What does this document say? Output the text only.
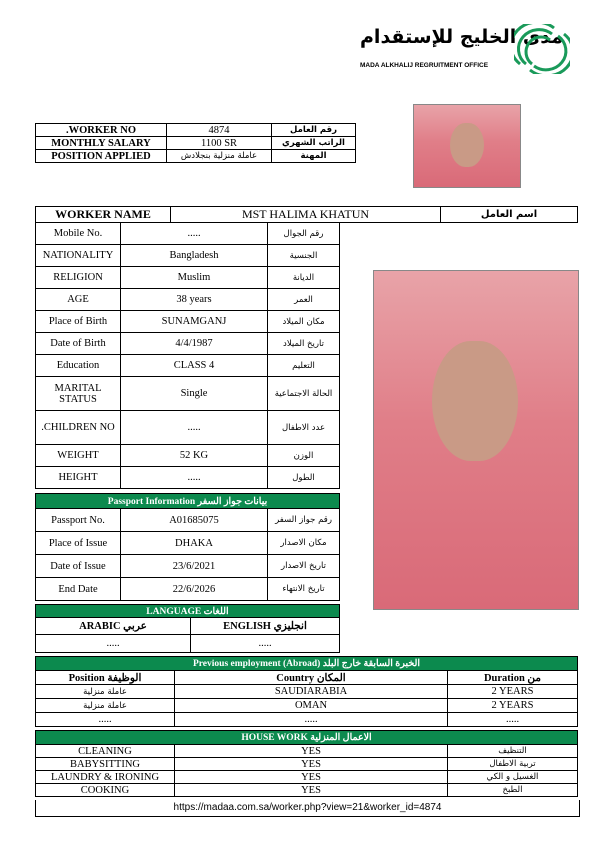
مدى الخليج للإستقدام
MADA ALKHALIJ REGRUITMENT OFFICE
.WORKER NO	4874	رقم العامل
MONTHLY SALARY	1100 SR	الراتب الشهري
POSITION APPLIED	عاملة منزلية بنجلادش	المهنة
WORKER NAME	MST HALIMA KHATUN	اسم العامل
Mobile No.	.....	رقم الجوال
NATIONALITY	Bangladesh	الجنسية
RELIGION	Muslim	الديانة
AGE	38 years	العمر
Place of Birth	SUNAMGANJ	مكان الميلاد
Date of Birth	4/4/1987	تاريخ الميلاد
Education	CLASS 4	التعليم
MARITAL STATUS	Single	الحالة الاجتماعية
.CHILDREN NO	.....	عدد الاطفال
WEIGHT	52 KG	الوزن
HEIGHT	.....	الطول
Passport Information بيانات جواز السفر		
Passport No.	A01685075	رقم جواز السفر
Place of Issue	DHAKA	مكان الاصدار
Date of Issue	23/6/2021	تاريخ الاصدار
End Date	22/6/2026	تاريخ الانتهاء
LANGUAGE اللغات	
ARABIC عربي	ENGLISH انجليزي
.....	.....
Previous employment (Abroad) الخبرة السابقة خارج البلد		
Position الوظيفة	Country المكان	Duration من
عاملة منزلية	SAUDIARABIA	2 YEARS
عاملة منزلية	OMAN	2 YEARS
.....	.....	.....
HOUSE WORK الاعمال المنزلية		
CLEANING	YES	التنظيف
BABYSITTING	YES	تربية الاطفال
LAUNDRY & IRONING	YES	الغسيل و الكي
COOKING	YES	الطبخ
https://madaa.com.sa/worker.php?view=21&worker_id=4874
